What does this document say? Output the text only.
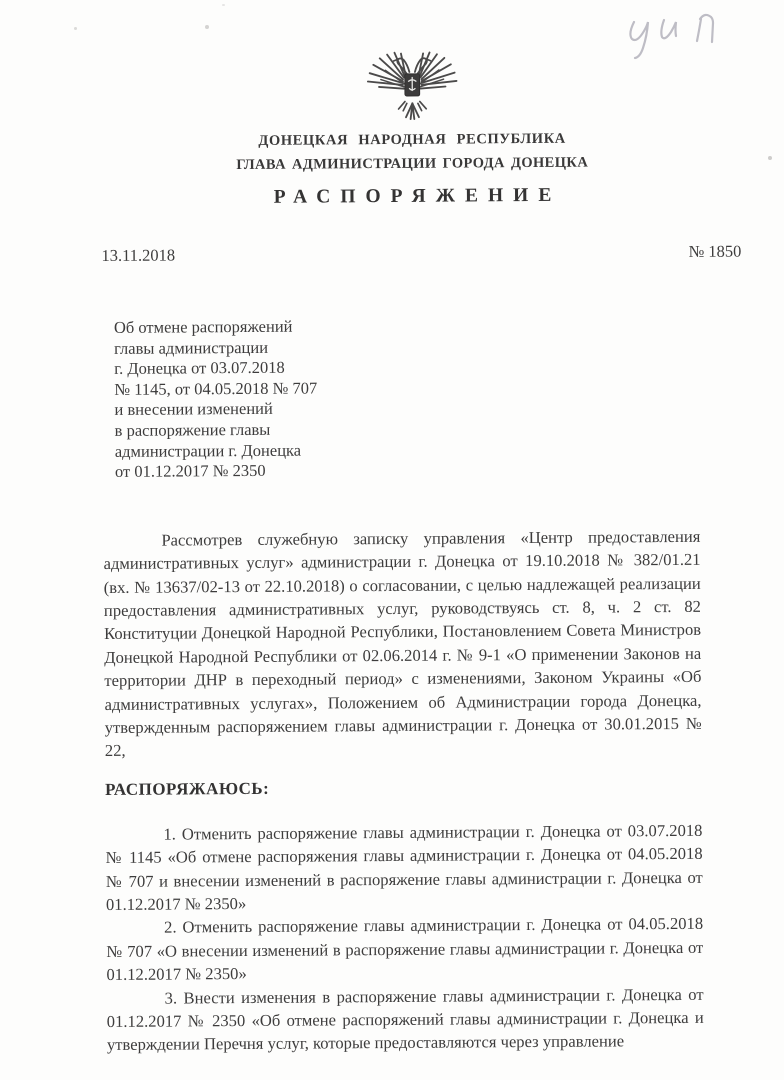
ДОНЕЦКАЯ НАРОДНАЯ РЕСПУБЛИКА
ГЛАВА АДМИНИСТРАЦИИ ГОРОДА ДОНЕЦКА
РАСПОРЯЖЕНИЕ
13.11.2018	№ 1850
Об отмене распоряжений
главы администрации
г. Донецка от 03.07.2018
№ 1145, от 04.05.2018 № 707
и внесении изменений
в распоряжение главы
администрации г. Донецка
от 01.12.2017 № 2350

Рассмотрев служебную записку управления «Центр предоставления административных услуг» администрации г. Донецка от 19.10.2018 № 382/01.21 (вх. № 13637/02-13 от 22.10.2018) о согласовании, с целью надлежащей реализации предоставления административных услуг, руководствуясь ст. 8, ч. 2 ст. 82 Конституции Донецкой Народной Республики, Постановлением Совета Министров Донецкой Народной Республики от 02.06.2014 г. № 9-1 «О применении Законов на территории ДНР в переходный период» с изменениями, Законом Украины «Об административных услугах», Положением об Администрации города Донецка, утвержденным распоряжением главы администрации г. Донецка от 30.01.2015 № 22,

РАСПОРЯЖАЮСЬ:

1. Отменить распоряжение главы администрации г. Донецка от 03.07.2018 № 1145 «Об отмене распоряжения главы администрации г. Донецка от 04.05.2018 № 707 и внесении изменений в распоряжение главы администрации г. Донецка от 01.12.2017 № 2350»

2. Отменить распоряжение главы администрации г. Донецка от 04.05.2018 № 707 «О внесении изменений в распоряжение главы администрации г. Донецка от 01.12.2017 № 2350»

3. Внести изменения в распоряжение главы администрации г. Донецка от 01.12.2017 № 2350 «Об отмене распоряжений главы администрации г. Донецка и утверждении Перечня услуг, которые предоставляются через управление
